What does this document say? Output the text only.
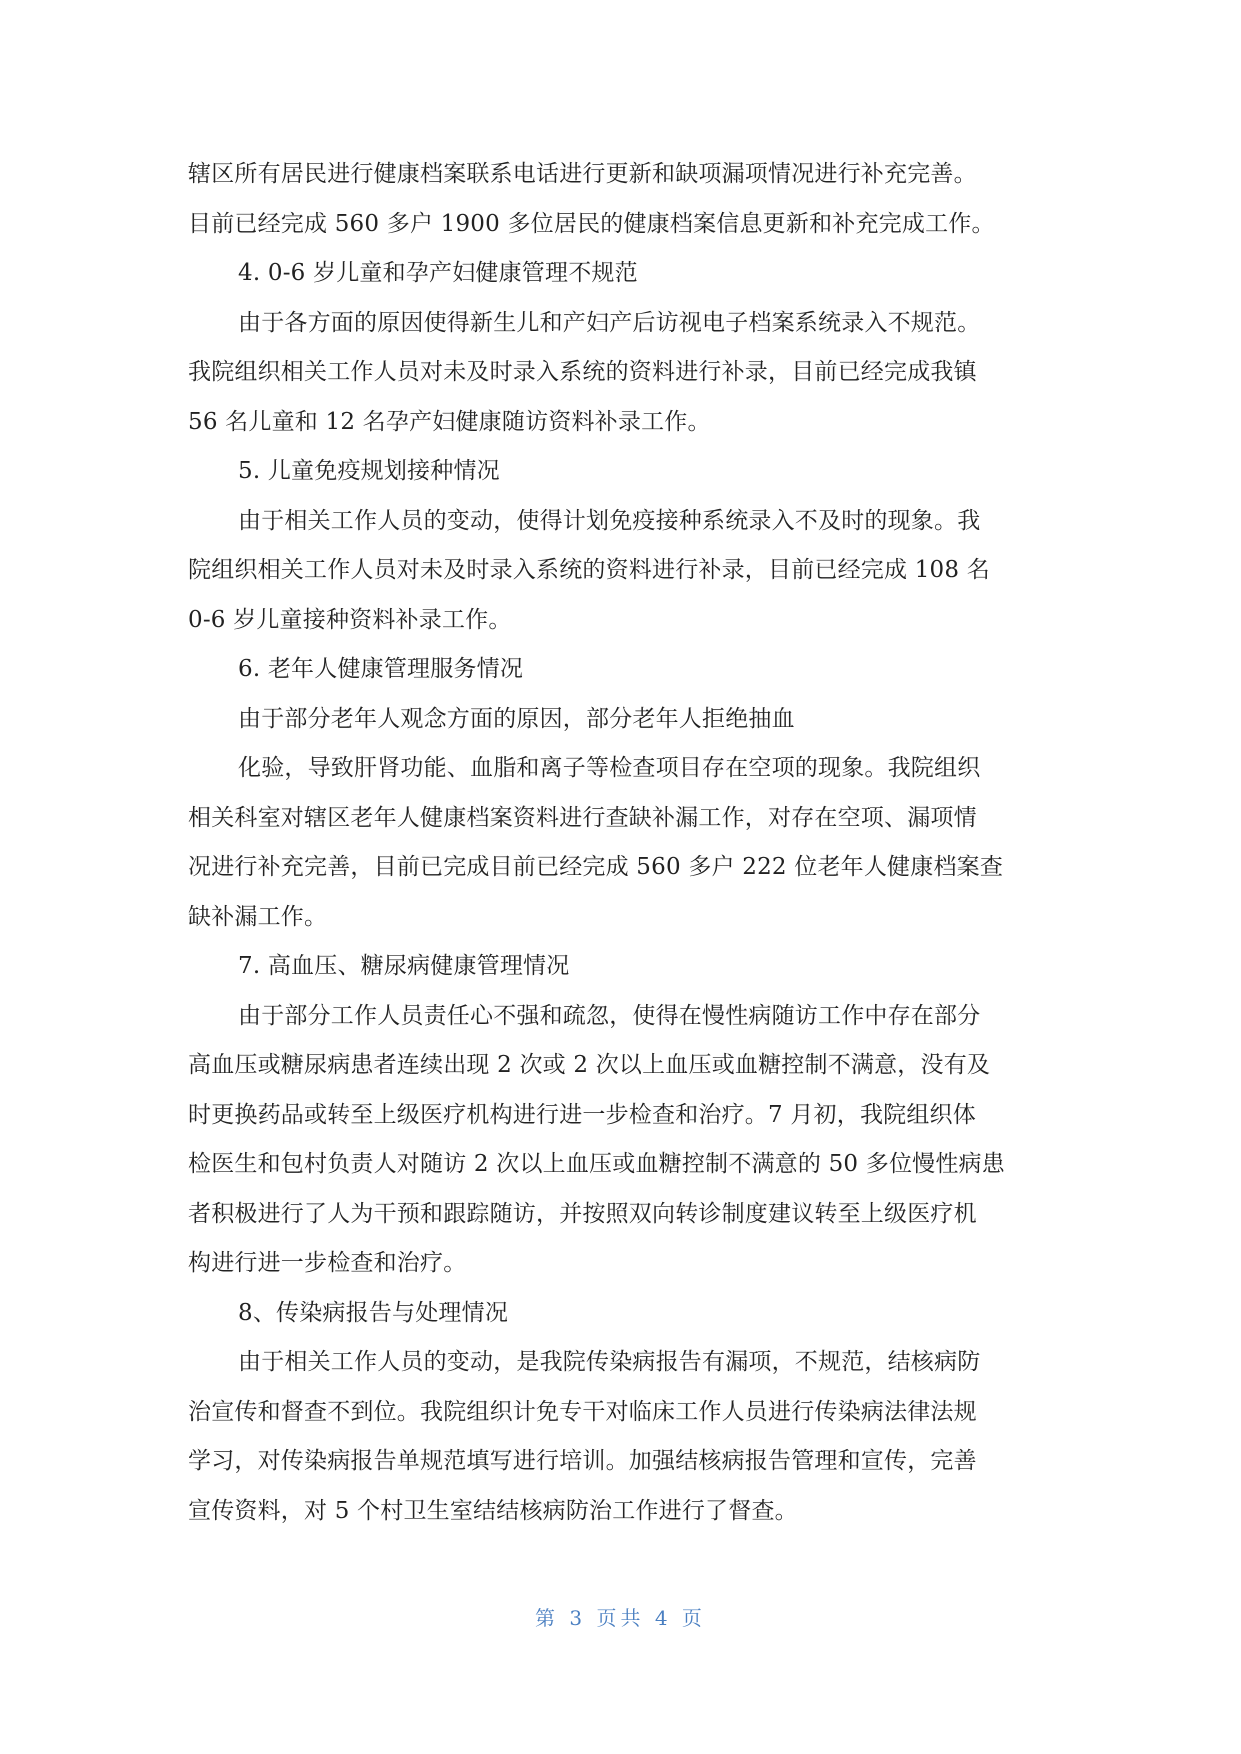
辖区所有居民进行健康档案联系电话进行更新和缺项漏项情况进行补充完善。
目前已经完成 560 多户 1900 多位居民的健康档案信息更新和补充完成工作。
4. 0-6 岁儿童和孕产妇健康管理不规范
由于各方面的原因使得新生儿和产妇产后访视电子档案系统录入不规范。
我院组织相关工作人员对未及时录入系统的资料进行补录，目前已经完成我镇
56 名儿童和 12 名孕产妇健康随访资料补录工作。
5. 儿童免疫规划接种情况
由于相关工作人员的变动，使得计划免疫接种系统录入不及时的现象。我
院组织相关工作人员对未及时录入系统的资料进行补录，目前已经完成 108 名
0-6 岁儿童接种资料补录工作。
6. 老年人健康管理服务情况
由于部分老年人观念方面的原因，部分老年人拒绝抽血
化验，导致肝肾功能、血脂和离子等检查项目存在空项的现象。我院组织
相关科室对辖区老年人健康档案资料进行查缺补漏工作，对存在空项、漏项情
况进行补充完善，目前已完成目前已经完成 560 多户 222 位老年人健康档案查
缺补漏工作。
7. 高血压、糖尿病健康管理情况
由于部分工作人员责任心不强和疏忽，使得在慢性病随访工作中存在部分
高血压或糖尿病患者连续出现 2 次或 2 次以上血压或血糖控制不满意，没有及
时更换药品或转至上级医疗机构进行进一步检查和治疗。7 月初，我院组织体
检医生和包村负责人对随访 2 次以上血压或血糖控制不满意的 50 多位慢性病患
者积极进行了人为干预和跟踪随访，并按照双向转诊制度建议转至上级医疗机
构进行进一步检查和治疗。
8、传染病报告与处理情况
由于相关工作人员的变动，是我院传染病报告有漏项，不规范，结核病防
治宣传和督查不到位。我院组织计免专干对临床工作人员进行传染病法律法规
学习，对传染病报告单规范填写进行培训。加强结核病报告管理和宣传，完善
宣传资料，对 5 个村卫生室结结核病防治工作进行了督查。
第 3 页共 4 页
